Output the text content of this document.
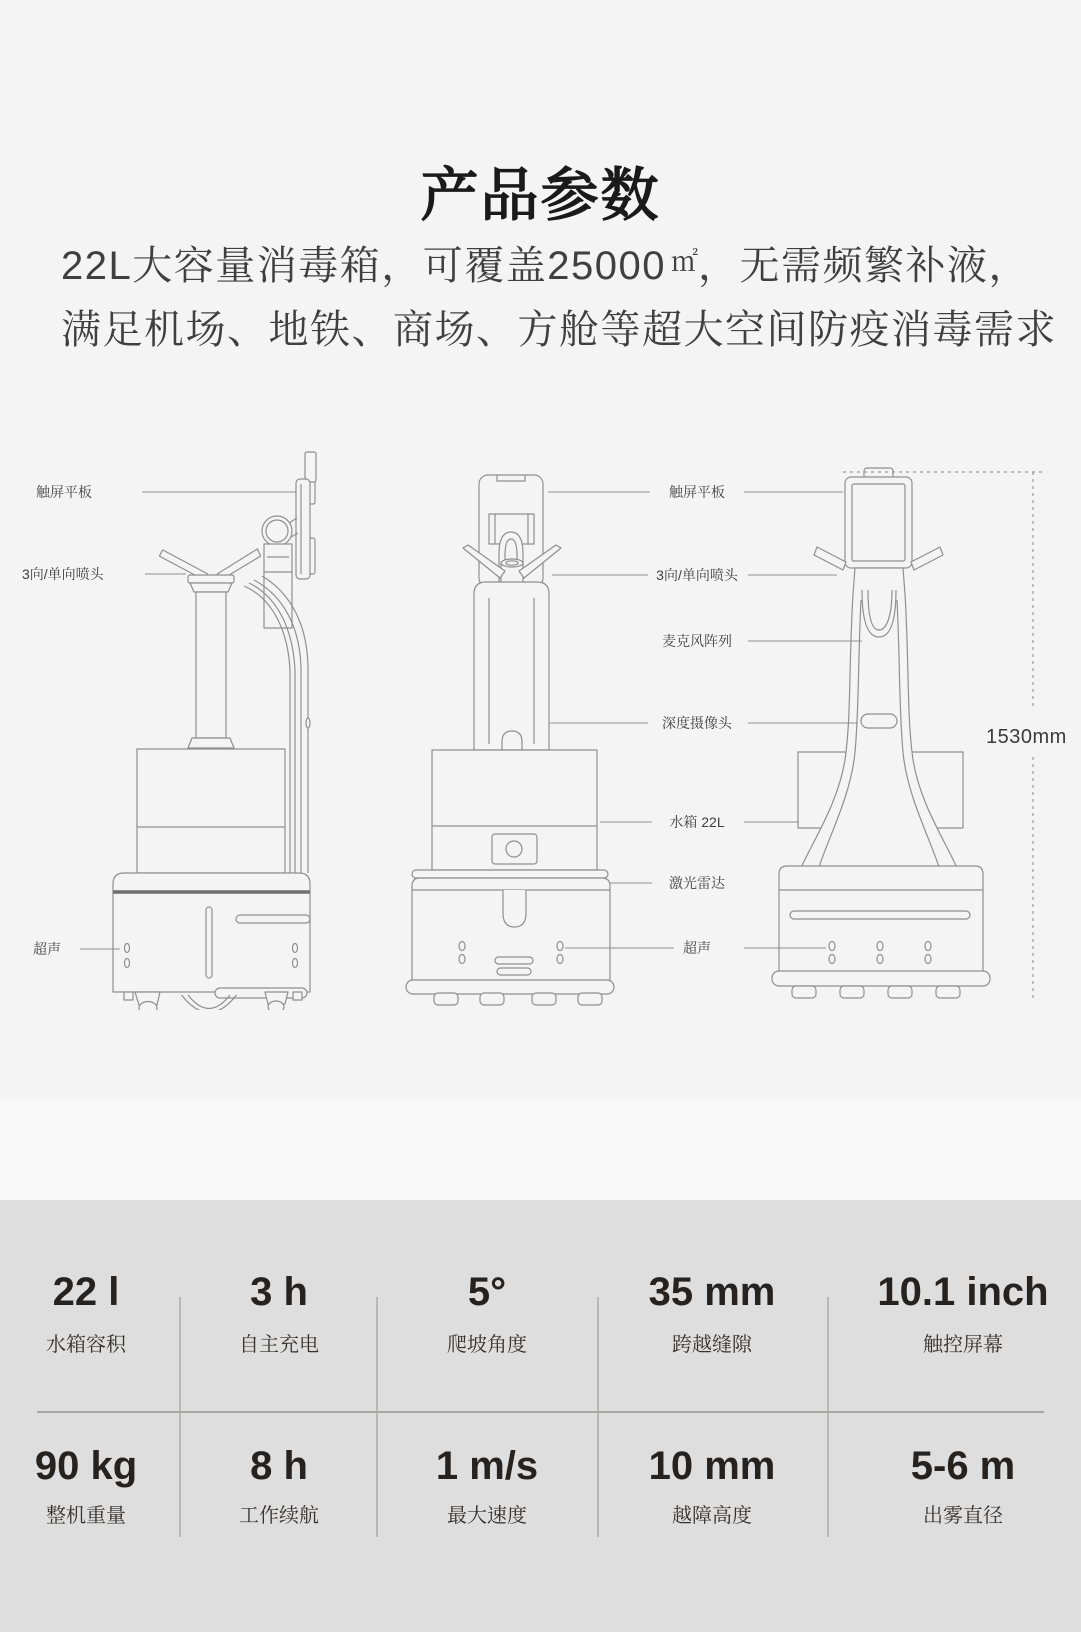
产品参数
22L大容量消毒箱，可覆盖25000 ㎡，无需频繁补液，
满足机场、地铁、商场、方舱等超大空间防疫消毒需求
触屏平板
3向/单向喷头
超声
触屏平板
3向/单向喷头
麦克风阵列
深度摄像头
水箱 22L
激光雷达
超声
1530mm
22 l
水箱容积
90 kg
整机重量
3 h
自主充电
8 h
工作续航
5°
爬坡角度
1 m/s
最大速度
35 mm
跨越缝隙
10 mm
越障高度
10.1 inch
触控屏幕
5-6 m
出雾直径
